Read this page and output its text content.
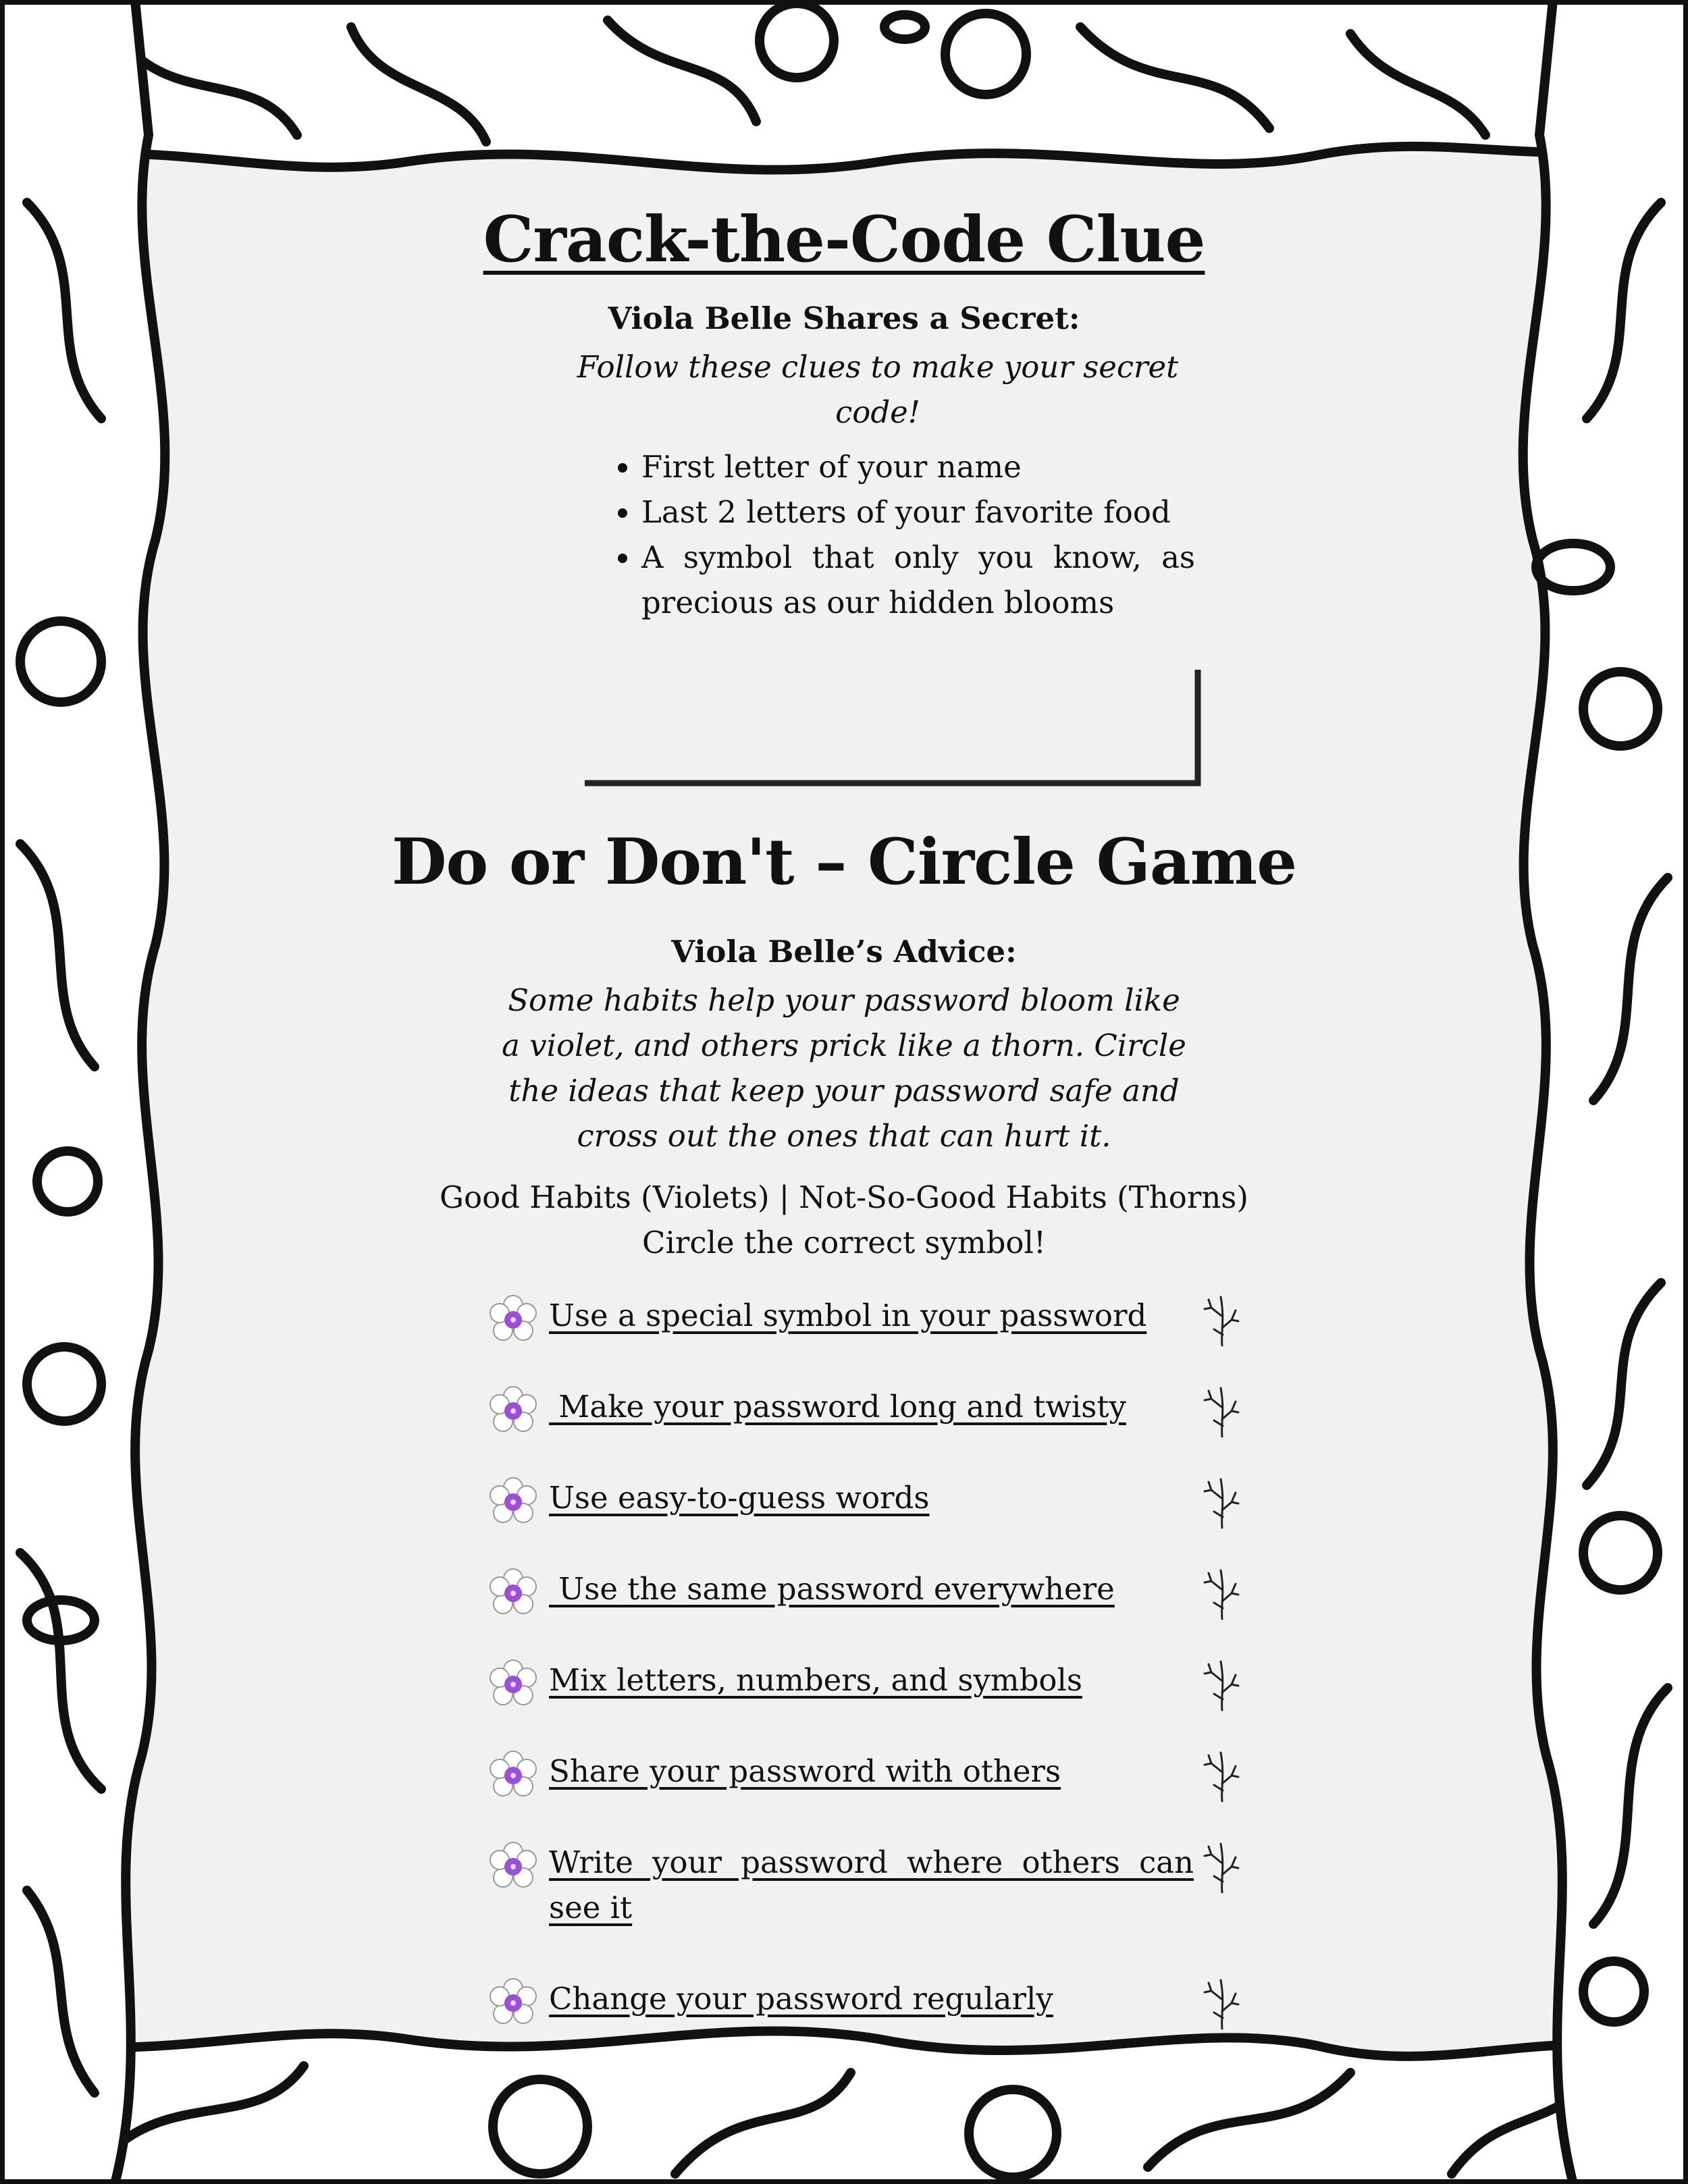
Crack-the-Code Clue
Viola Belle Shares a Secret:
Follow these clues to make your secret
code!
• First letter of your name
• Last 2 letters of your favorite food
• A symbol that only you know, as precious as our hidden blooms
Do or Don't – Circle Game
Viola Belle’s Advice:
Some habits help your password bloom like
a violet, and others prick like a thorn. Circle
the ideas that keep your password safe and
cross out the ones that can hurt it.
Good Habits (Violets) | Not-So-Good Habits (Thorns)
Circle the correct symbol!
Use a special symbol in your password
Make your password long and twisty
Use easy-to-guess words
Use the same password everywhere
Mix letters, numbers, and symbols
Share your password with others
Write your password where others can see it
Change your password regularly
